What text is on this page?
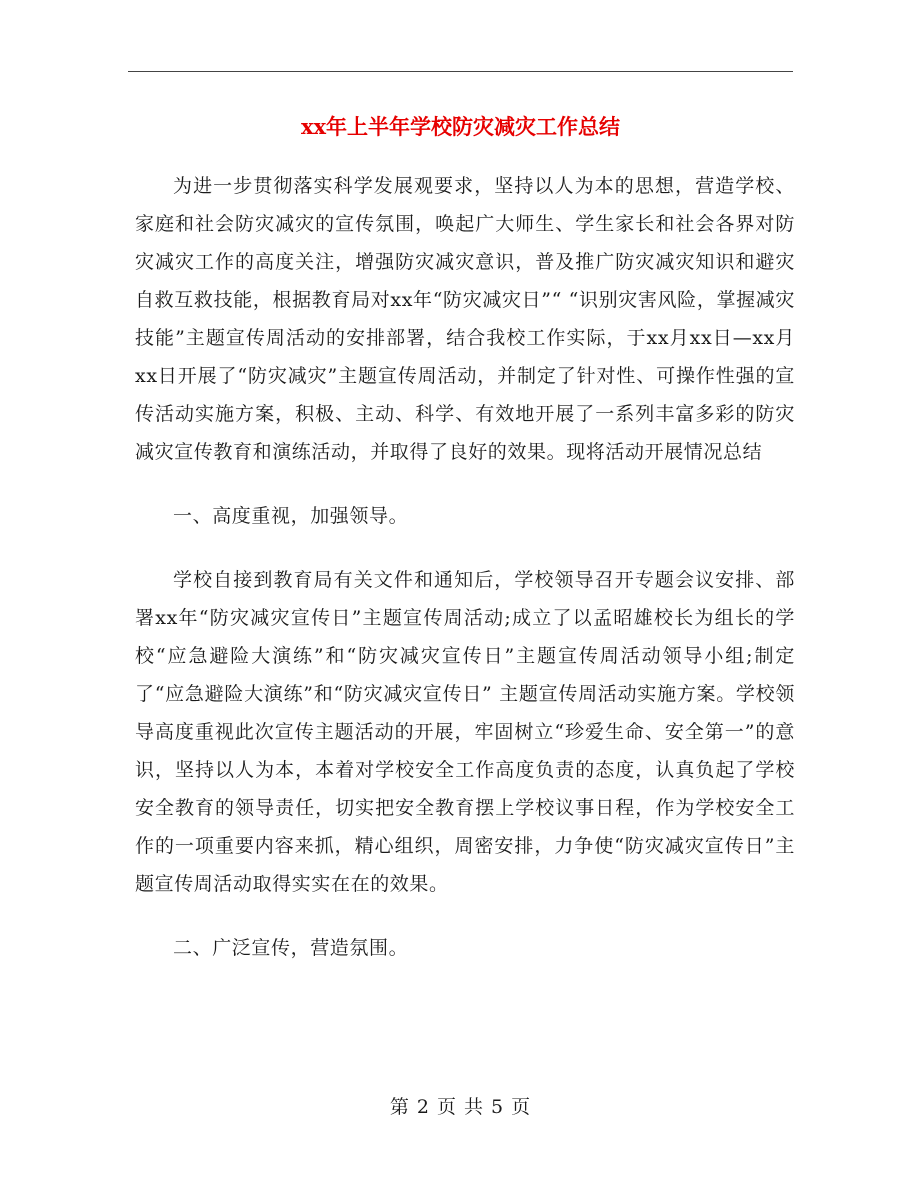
xx年上半年学校防灾减灾工作总结

为进一步贯彻落实科学发展观要求，坚持以人为本的思想，营造学校、家庭和社会防灾减灾的宣传氛围，唤起广大师生、学生家长和社会各界对防灾减灾工作的高度关注，增强防灾减灾意识，普及推广防灾减灾知识和避灾自救互救技能，根据教育局对xx年“防灾减灾日”“ “识别灾害风险，掌握减灾技能”主题宣传周活动的安排部署，结合我校工作实际，于xx月xx日—xx月xx日开展了“防灾减灾”主题宣传周活动，并制定了针对性、可操作性强的宣传活动实施方案，积极、主动、科学、有效地开展了一系列丰富多彩的防灾减灾宣传教育和演练活动，并取得了良好的效果。现将活动开展情况总结

一、高度重视，加强领导。

学校自接到教育局有关文件和通知后，学校领导召开专题会议安排、部署xx年“防灾减灾宣传日”主题宣传周活动;成立了以孟昭雄校长为组长的学校“应急避险大演练”和“防灾减灾宣传日”主题宣传周活动领导小组;制定了“应急避险大演练”和“防灾减灾宣传日” 主题宣传周活动实施方案。学校领导高度重视此次宣传主题活动的开展，牢固树立“珍爱生命、安全第一”的意识，坚持以人为本，本着对学校安全工作高度负责的态度，认真负起了学校安全教育的领导责任，切实把安全教育摆上学校议事日程，作为学校安全工作的一项重要内容来抓，精心组织，周密安排，力争使“防灾减灾宣传日”主题宣传周活动取得实实在在的效果。

二、广泛宣传，营造氛围。

第 2 页 共 5 页
